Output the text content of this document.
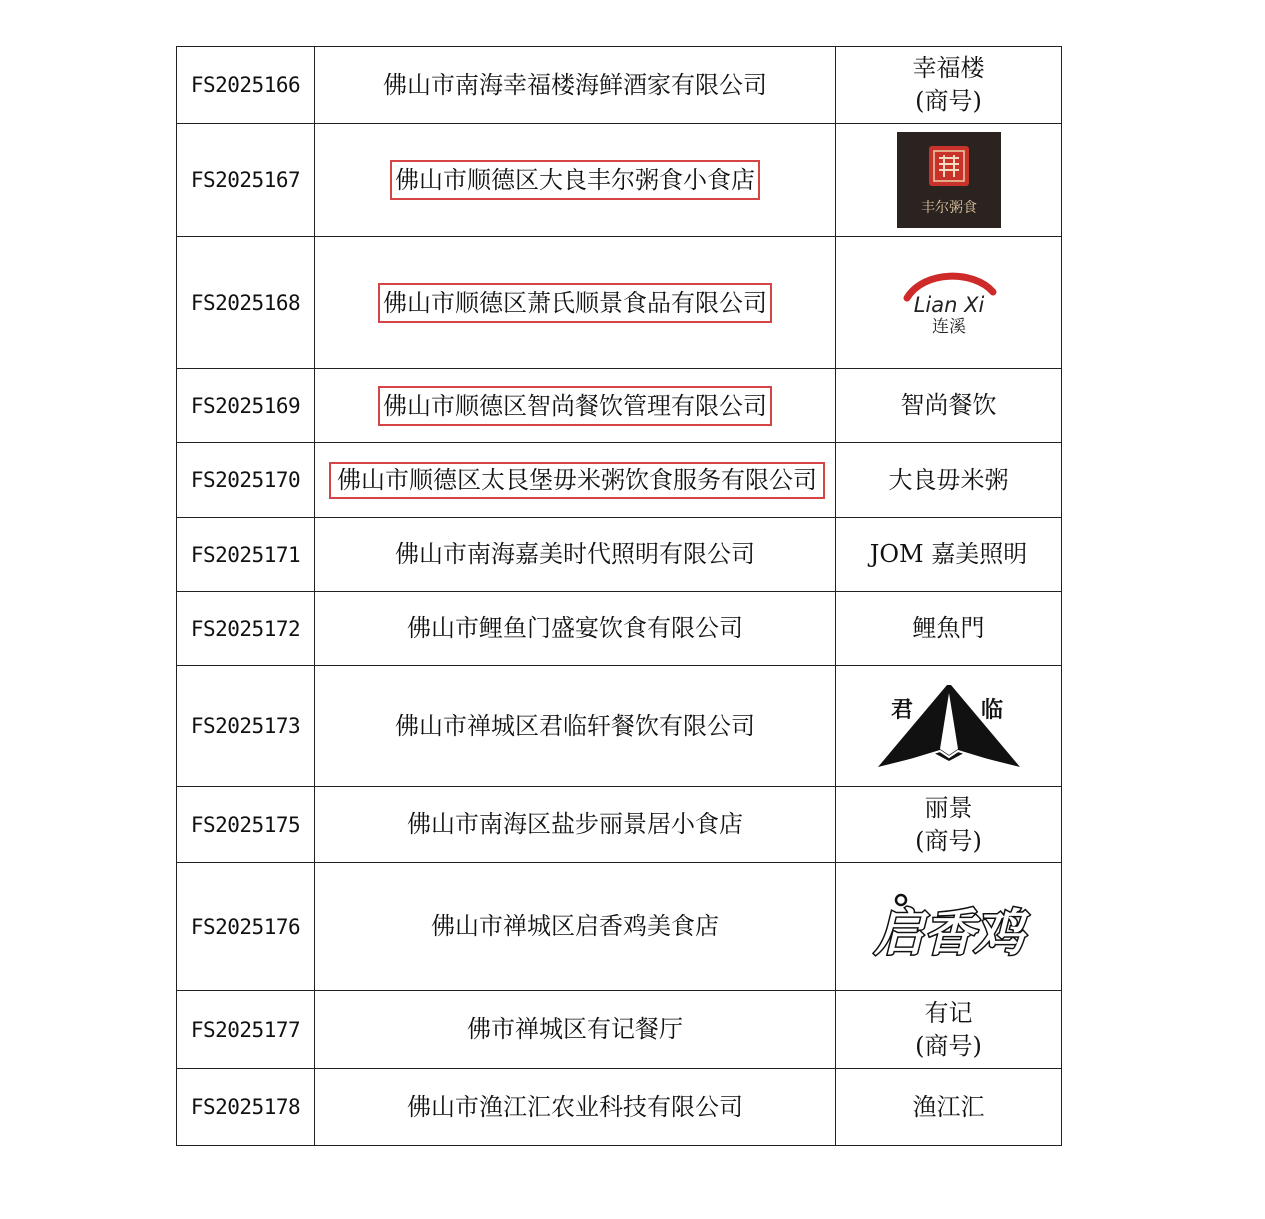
FS2025166	佛山市南海幸福楼海鲜酒家有限公司	幸福楼
(商号)

FS2025167	佛山市顺德区大良丰尔粥食小食店	丰尔粥食

FS2025168	佛山市顺德区萧氏顺景食品有限公司	Lian Xi
连溪

FS2025169	佛山市顺德区智尚餐饮管理有限公司	智尚餐饮
FS2025170	佛山市顺德区太艮堡毋米粥饮食服务有限公司	大良毋米粥
FS2025171	佛山市南海嘉美时代照明有限公司	JOM 嘉美照明
FS2025172	佛山市鲤鱼门盛宴饮食有限公司	鲤魚門
FS2025173	佛山市禅城区君临轩餐饮有限公司	君 临

FS2025175	佛山市南海区盐步丽景居小食店	丽景
(商号)

FS2025176	佛山市禅城区启香鸡美食店	启香鸡

FS2025177	佛市禅城区有记餐厅	有记
(商号)

FS2025178	佛山市渔江汇农业科技有限公司	渔江汇
